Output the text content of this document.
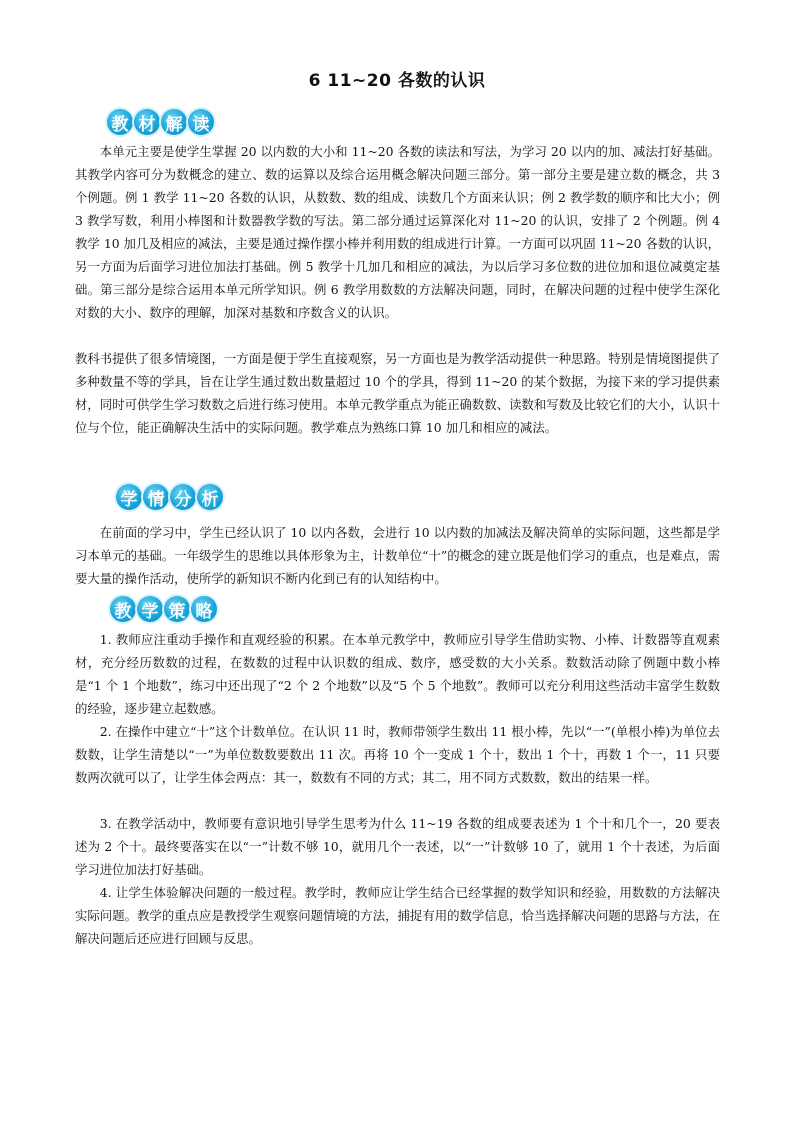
6 11~20 各数的认识
教 材 解 读

本单元主要是使学生掌握 20 以内数的大小和 11~20 各数的读法和写法，为学习 20 以内的加、减法打好基础。其教学内容可分为数概念的建立、数的运算以及综合运用概念解决问题三部分。第一部分主要是建立数的概念，共 3 个例题。例 1 教学 11~20 各数的认识，从数数、数的组成、读数几个方面来认识；例 2 教学数的顺序和比大小；例 3 教学写数，利用小棒图和计数器教学数的写法。第二部分通过运算深化对 11~20 的认识，安排了 2 个例题。例 4 教学 10 加几及相应的减法，主要是通过操作摆小棒并利用数的组成进行计算。一方面可以巩固 11~20 各数的认识，另一方面为后面学习进位加法打基础。例 5 教学十几加几和相应的减法，为以后学习多位数的进位加和退位减奠定基础。第三部分是综合运用本单元所学知识。例 6 教学用数数的方法解决问题，同时，在解决问题的过程中使学生深化对数的大小、数序的理解，加深对基数和序数含义的认识。

教科书提供了很多情境图，一方面是便于学生直接观察，另一方面也是为教学活动提供一种思路。特别是情境图提供了多种数量不等的学具，旨在让学生通过数出数量超过 10 个的学具，得到 11~20 的某个数据，为接下来的学习提供素材，同时可供学生学习数数之后进行练习使用。本单元教学重点为能正确数数、读数和写数及比较它们的大小，认识十位与个位，能正确解决生活中的实际问题。教学难点为熟练口算 10 加几和相应的减法。

学 情 分 析

在前面的学习中，学生已经认识了 10 以内各数，会进行 10 以内数的加减法及解决简单的实际问题，这些都是学习本单元的基础。一年级学生的思维以具体形象为主，计数单位“十”的概念的建立既是他们学习的重点，也是难点，需要大量的操作活动，使所学的新知识不断内化到已有的认知结构中。

教 学 策 略

1. 教师应注重动手操作和直观经验的积累。在本单元教学中，教师应引导学生借助实物、小棒、计数器等直观素材，充分经历数数的过程，在数数的过程中认识数的组成、数序，感受数的大小关系。数数活动除了例题中数小棒是“1 个 1 个地数”，练习中还出现了“2 个 2 个地数”以及“5 个 5 个地数”。教师可以充分利用这些活动丰富学生数数的经验，逐步建立起数感。

2. 在操作中建立“十”这个计数单位。在认识 11 时，教师带领学生数出 11 根小棒，先以“一”(单根小棒)为单位去数数，让学生清楚以“一”为单位数数要数出 11 次。再将 10 个一变成 1 个十，数出 1 个十，再数 1 个一，11 只要数两次就可以了，让学生体会两点：其一，数数有不同的方式；其二，用不同方式数数，数出的结果一样。

3. 在教学活动中，教师要有意识地引导学生思考为什么 11~19 各数的组成要表述为 1 个十和几个一，20 要表述为 2 个十。最终要落实在以“一”计数不够 10，就用几个一表述，以“一”计数够 10 了，就用 1 个十表述，为后面学习进位加法打好基础。

4. 让学生体验解决问题的一般过程。教学时，教师应让学生结合已经掌握的数学知识和经验，用数数的方法解决实际问题。教学的重点应是教授学生观察问题情境的方法，捕捉有用的数学信息，恰当选择解决问题的思路与方法，在解决问题后还应进行回顾与反思。
